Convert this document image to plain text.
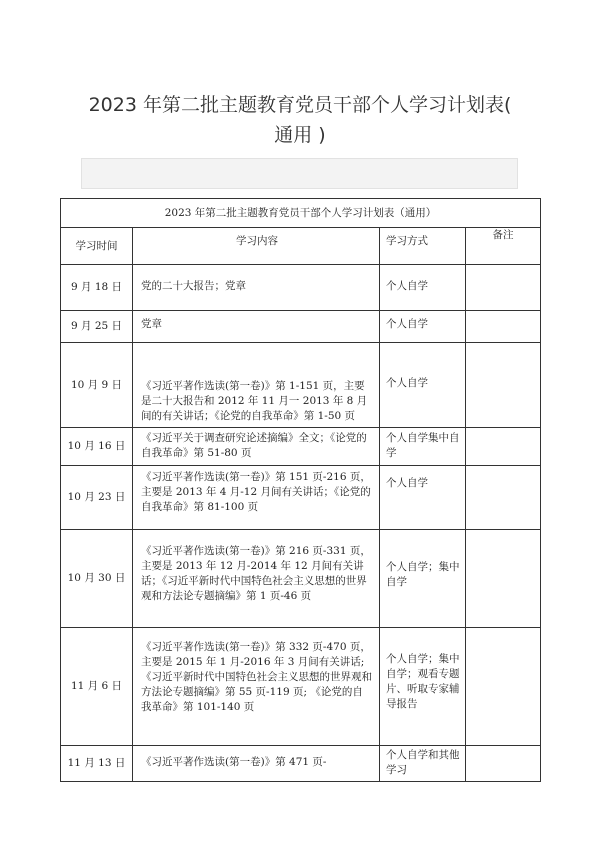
2023 年第二批主题教育党员干部个人学习计划表( 通用 )
2023 年第二批主题教育党员干部个人学习计划表（通用）			
学习时间	学习内容	学习方式	备注
9 月 18 日	党的二十大报告；党章	个人自学	
9 月 25 日	党章	个人自学	
10 月 9 日	《习近平著作选读(第一卷)》第 1-151 页，主要是二十大报告和 2012 年 11 月一 2013 年 8 月间的有关讲话；《论党的自我革命》第 1-50 页	个人自学	
10 月 16 日	《习近平关于调查研究论述摘编》全文；《论党的自我革命》第 51-80 页	个人自学集中自学	
10 月 23 日	《习近平著作选读(第一卷)》第 151 页-216 页，主要是 2013 年 4 月-12 月间有关讲话；《论党的自我革命》第 81-100 页	个人自学	
10 月 30 日	《习近平著作选读(第一卷)》第 216 页-331 页，主要是 2013 年 12 月-2014 年 12 月间有关讲话；《习近平新时代中国特色社会主义思想的世界观和方法论专题摘编》第 1 页-46 页	个人自学；集中自学	
11 月 6 日	《习近平著作选读(第一卷)》第 332 页-470 页，主要是 2015 年 1 月-2016 年 3 月间有关讲话;《习近平新时代中国特色社会主义思想的世界观和方法论专题摘编》第 55 页-119 页; 《论党的自我革命》第 101-140 页	个人自学；集中自学；观看专题片、听取专家辅导报告	
11 月 13 日	《习近平著作选读(第一卷)》第 471 页-	个人自学和其他学习	
